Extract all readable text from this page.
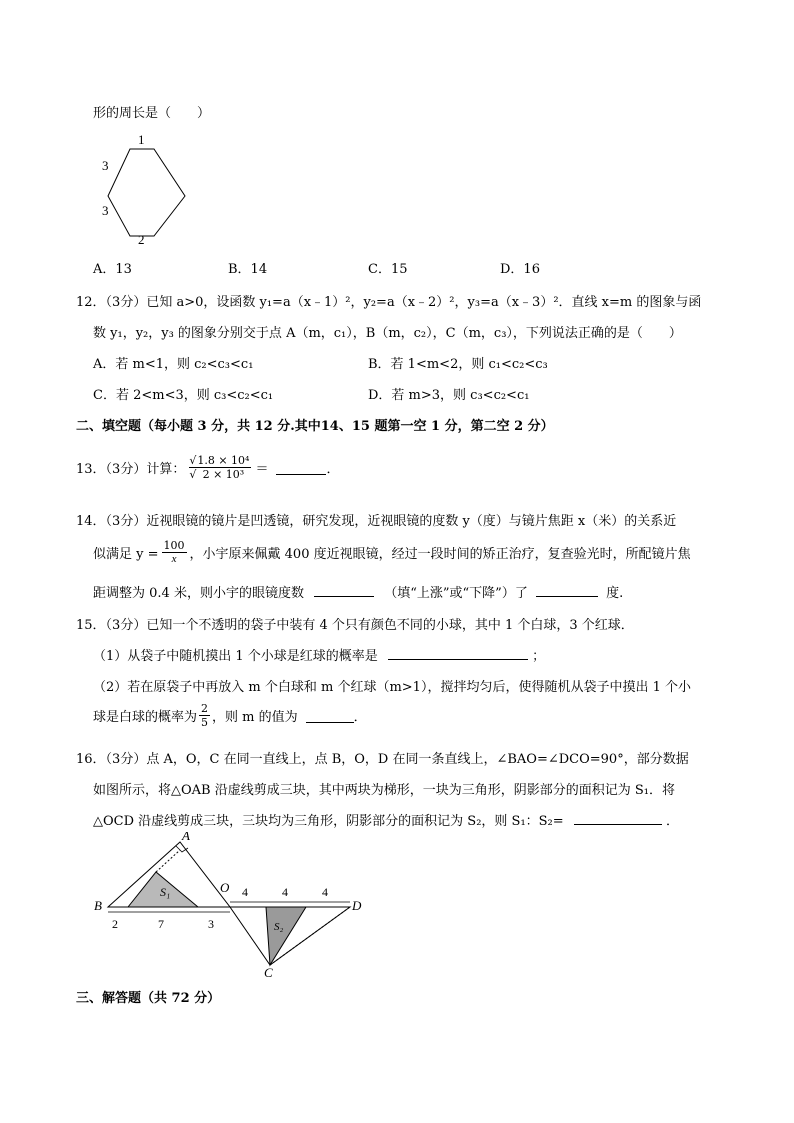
形的周长是（　　）
1
3
3
2
A．13	B．14	C．15	D．16
12．（3分）已知 a>0，设函数 y₁=a（x﹣1）²，y₂=a（x﹣2）²，y₃=a（x﹣3）²．直线 x=m 的图象与函
数 y₁，y₂，y₃ 的图象分别交于点 A（m，c₁），B（m，c₂），C（m，c₃），下列说法正确的是（　　）
A．若 m<1，则 c₂<c₃<c₁	B．若 1<m<2，则 c₁<c₂<c₃
C．若 2<m<3，则 c₃<c₂<c₁	D．若 m>3，则 c₃<c₂<c₁
二、填空题（每小题 3 分，共 12 分.其中14、15 题第一空 1 分，第二空 2 分）
13．（3分）计算： $\frac{\text{√ 1.8 × 10⁴}}{\text{√ 2 × 10³}}$ ＝	．
14．（3分）近视眼镜的镜片是凹透镜，研究发现，近视眼镜的度数 y（度）与镜片焦距 x（米）的关系近
似满足 $y = \frac{100}{x}$ ，小宇原来佩戴 400 度近视眼镜，经过一段时间的矫正治疗，复查验光时，所配镜片焦
距调整为 0.4 米，则小宇的眼镜度数	（填“上涨”或“下降”）了	度.
15．（3分）已知一个不透明的袋子中装有 4 个只有颜色不同的小球，其中 1 个白球，3 个红球．
（1）从袋子中随机摸出 1 个小球是红球的概率是	；
（2）若在原袋子中再放入 m 个白球和 m 个红球（m>1），搅拌均匀后，使得随机从袋子中摸出 1 个小
球是白球的概率为 $\frac{2}{5}$ ，则 m 的值为	．
16．（3分）点 A，O，C 在同一直线上，点 B，O，D 在同一条直线上，∠BAO=∠DCO=90°，部分数据
如图所示，将△OAB 沿虚线剪成三块，其中两块为梯形，一块为三角形，阴影部分的面积记为 S₁．将
△OCD 沿虚线剪成三块，三块均为三角形，阴影部分的面积记为 S₂，则 S₁：S₂=	．
A
B
O
C
D
S₁
S₂
2	7	3
4	4	4
三、解答题（共 72 分）
